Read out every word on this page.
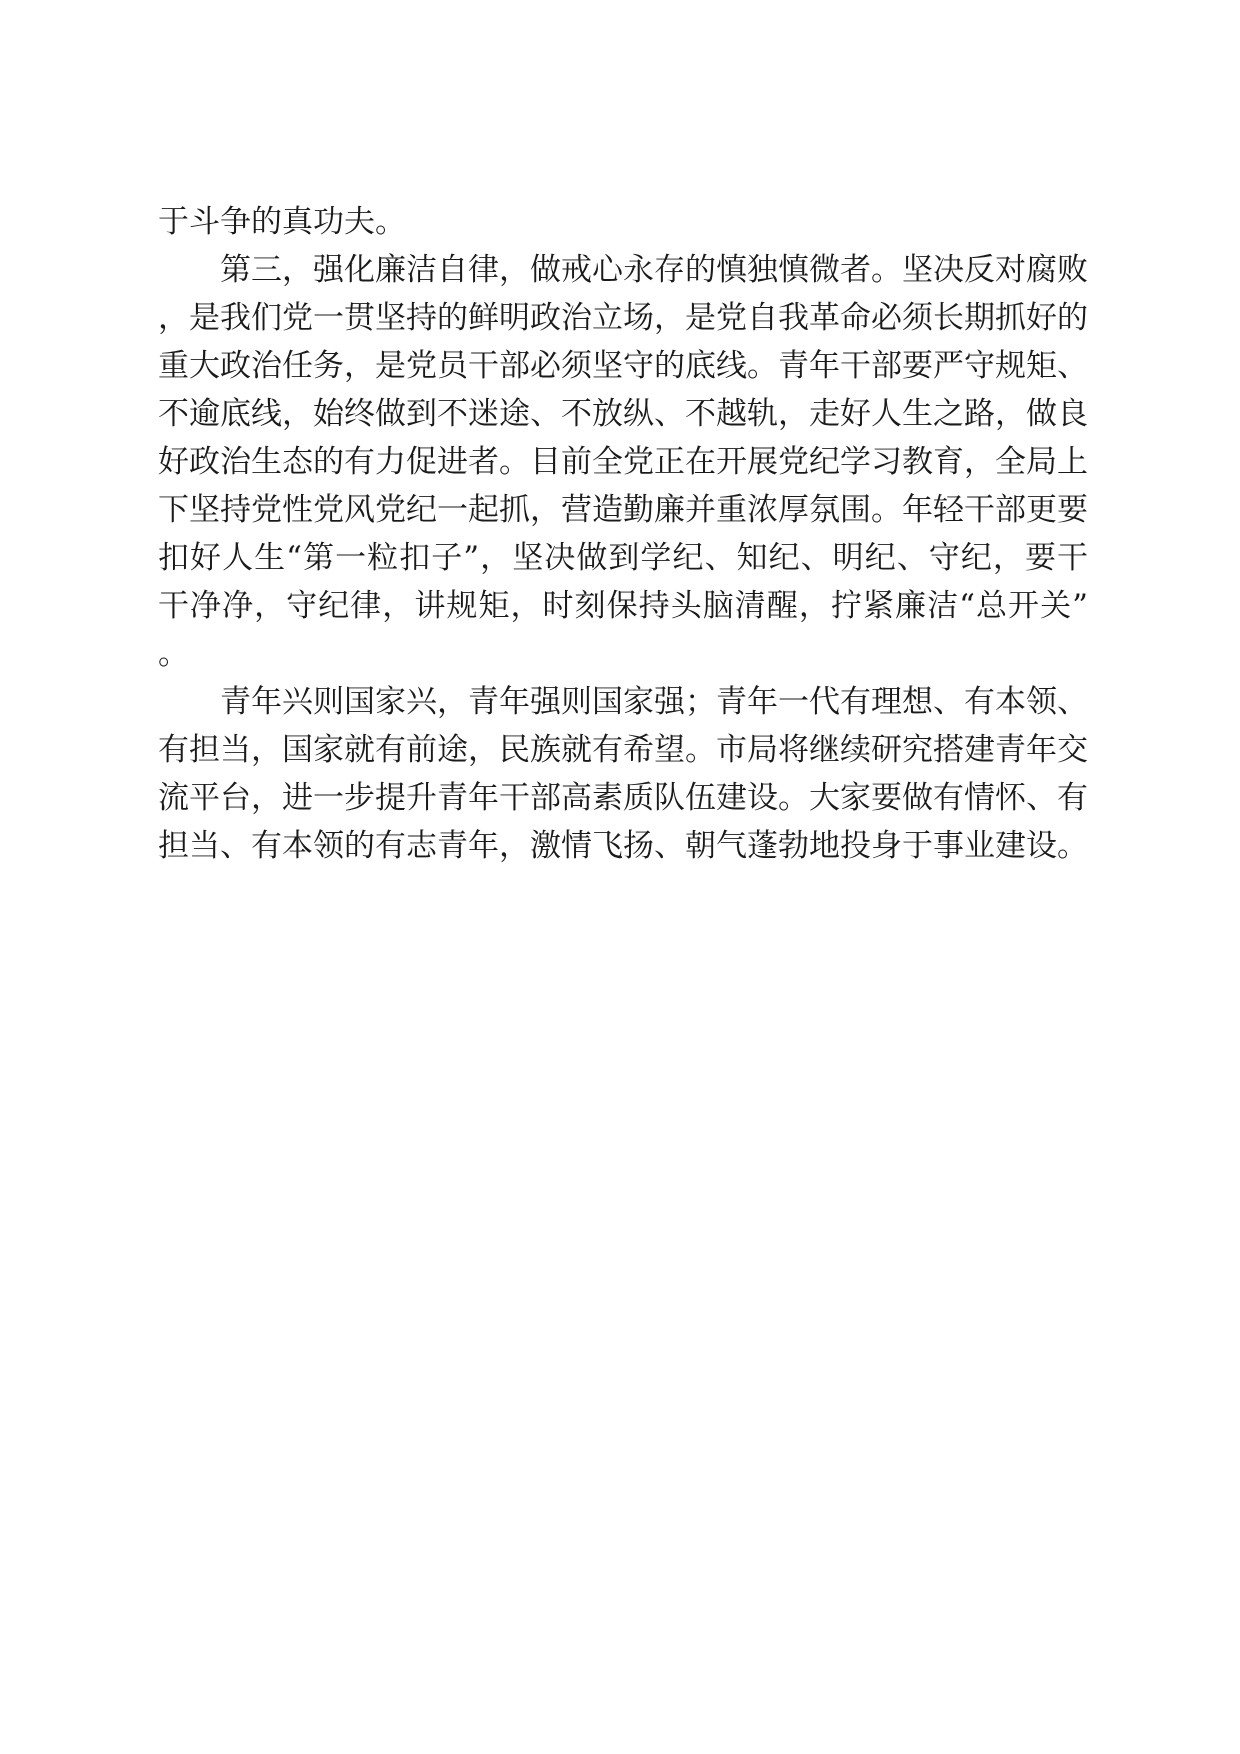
于斗争的真功夫。

第三，强化廉洁自律，做戒心永存的慎独慎微者。坚决反对腐败，是我们党一贯坚持的鲜明政治立场，是党自我革命必须长期抓好的重大政治任务，是党员干部必须坚守的底线。青年干部要严守规矩、不逾底线，始终做到不迷途、不放纵、不越轨，走好人生之路，做良好政治生态的有力促进者。目前全党正在开展党纪学习教育，全局上下坚持党性党风党纪一起抓，营造勤廉并重浓厚氛围。年轻干部更要扣好人生“第一粒扣子”，坚决做到学纪、知纪、明纪、守纪，要干干净净，守纪律，讲规矩，时刻保持头脑清醒，拧紧廉洁“总开关”。

青年兴则国家兴，青年强则国家强；青年一代有理想、有本领、有担当，国家就有前途，民族就有希望。市局将继续研究搭建青年交流平台，进一步提升青年干部高素质队伍建设。大家要做有情怀、有担当、有本领的有志青年，激情飞扬、朝气蓬勃地投身于事业建设。
